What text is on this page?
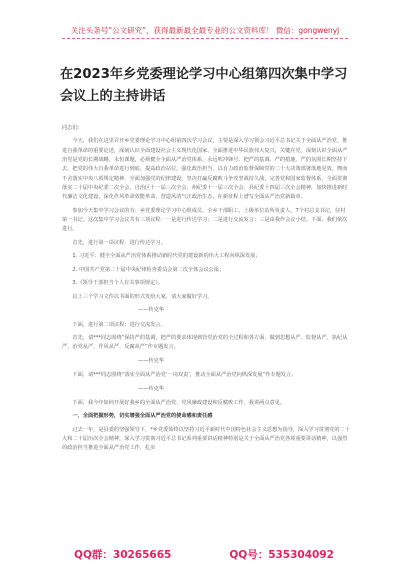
关注头条号“公文研究”，获得最新最全最专业的公文资料库！ 微信：gongwenyj
在2023年乡党委理论学习中心组第四次集中学习会议上的主持讲话

同志们：

今天，我们在这里召开乡党委理论学习中心组第四次学习会议，主要是深入学习领会习近平总书记关于全面从严治党、推进自我革命的重要论述，深刻认识全面建设社会主义现代化国家、全面推进中华民族伟大复兴，关键在党。深刻认识全面从严治党是党的长期战略、永恒课题，必须健全全面从严治党体系，永远吹冲锋号、把严的基调、严的措施、严的氛围长期坚持下去，把党的伟大自我革命进行到底。提高政治站位，强化政治担当，以有力政治监督保障党的二十大决策部署落地见效，锲而不舍落实中央八项规定精神，全面加强党的纪律建设，坚决打赢反腐败斗争攻坚战持久战，完善党和国家监督体系，全面贯彻落实二十届中央纪委二次全会、自治区十一届三次全会、州纪委十一届三次全会、县纪委十四届三次全会精神，加快推进新时代廉洁文化建设，深化作风革命效能革命，营造风清气正政治生态，在新征程上谱写全面从严治党新篇章。

参加今天集中学习会议的有：乡党委理论学习中心组成员，全乡干部职工，上级单位站所负责人，7个村总支书记，驻村第一书记。这次集中学习会议共有三项议程：一是进行传达学习；二是进行交流发言；三是由我作会议小结。下面，我们依次进行。

首先，进行第一项议程：进行传达学习。

1. 习近平：健全全面从严治党体系推动新时代党的建设新的伟大工程向纵深发展；

2. 中国共产党第二十届中央纪律检查委员会第二次全体会议公报；

3.《领导干部担当个人有关事项规定》。

以上三个学习文件以书面的形式发给大家，请大家做好学习。

——传克华

下面，进行第二项议程：进行交流发言。

首先，请***同志围绕“保持严的基调，把严的要求体现到管党治党的全过程和各方面，做到思想从严、监督从严、执纪从严、治党从严、作风从严、反腐从严”作专题发言。

——传克华

下面，请***同志围绕“落实全面从严治党‘一岗双责’，推动全面从严治党向纵深发展”作专题发言。

——传克华

下面，我今年如何开展好我乡的全面从严治党、党风廉政建设和反腐败工作，我讲两点意见。

一、全面把握形势，切实增强全面从严治党的使命感和责任感

过去一年，是县委的坚强领导下，*乡党委始终以坚持习近平新时代中国特色社会主义思想为指导，深入学习贯彻党的二十大和二十届历次全会精神，深入学习贯彻习近平总书记系列重要讲话精神特别是关于全面从严治党各项重要讲话精神，以强烈的政治担当推进全面从严治党工作，扎实

QQ群：30265665	QQ号：535304092
